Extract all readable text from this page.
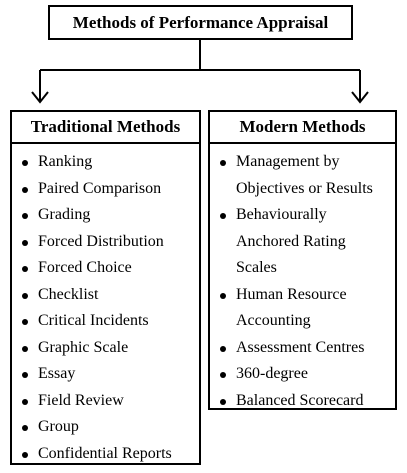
Methods of Performance Appraisal
Traditional Methods
Ranking
Paired Comparison
Grading
Forced Distribution
Forced Choice
Checklist
Critical Incidents
Graphic Scale
Essay
Field Review
Group
Confidential Reports
Modern Methods
Management by
Objectives or Results
Behaviourally
Anchored Rating
Scales
Human Resource
Accounting
Assessment Centres
360-degree
Balanced Scorecard
